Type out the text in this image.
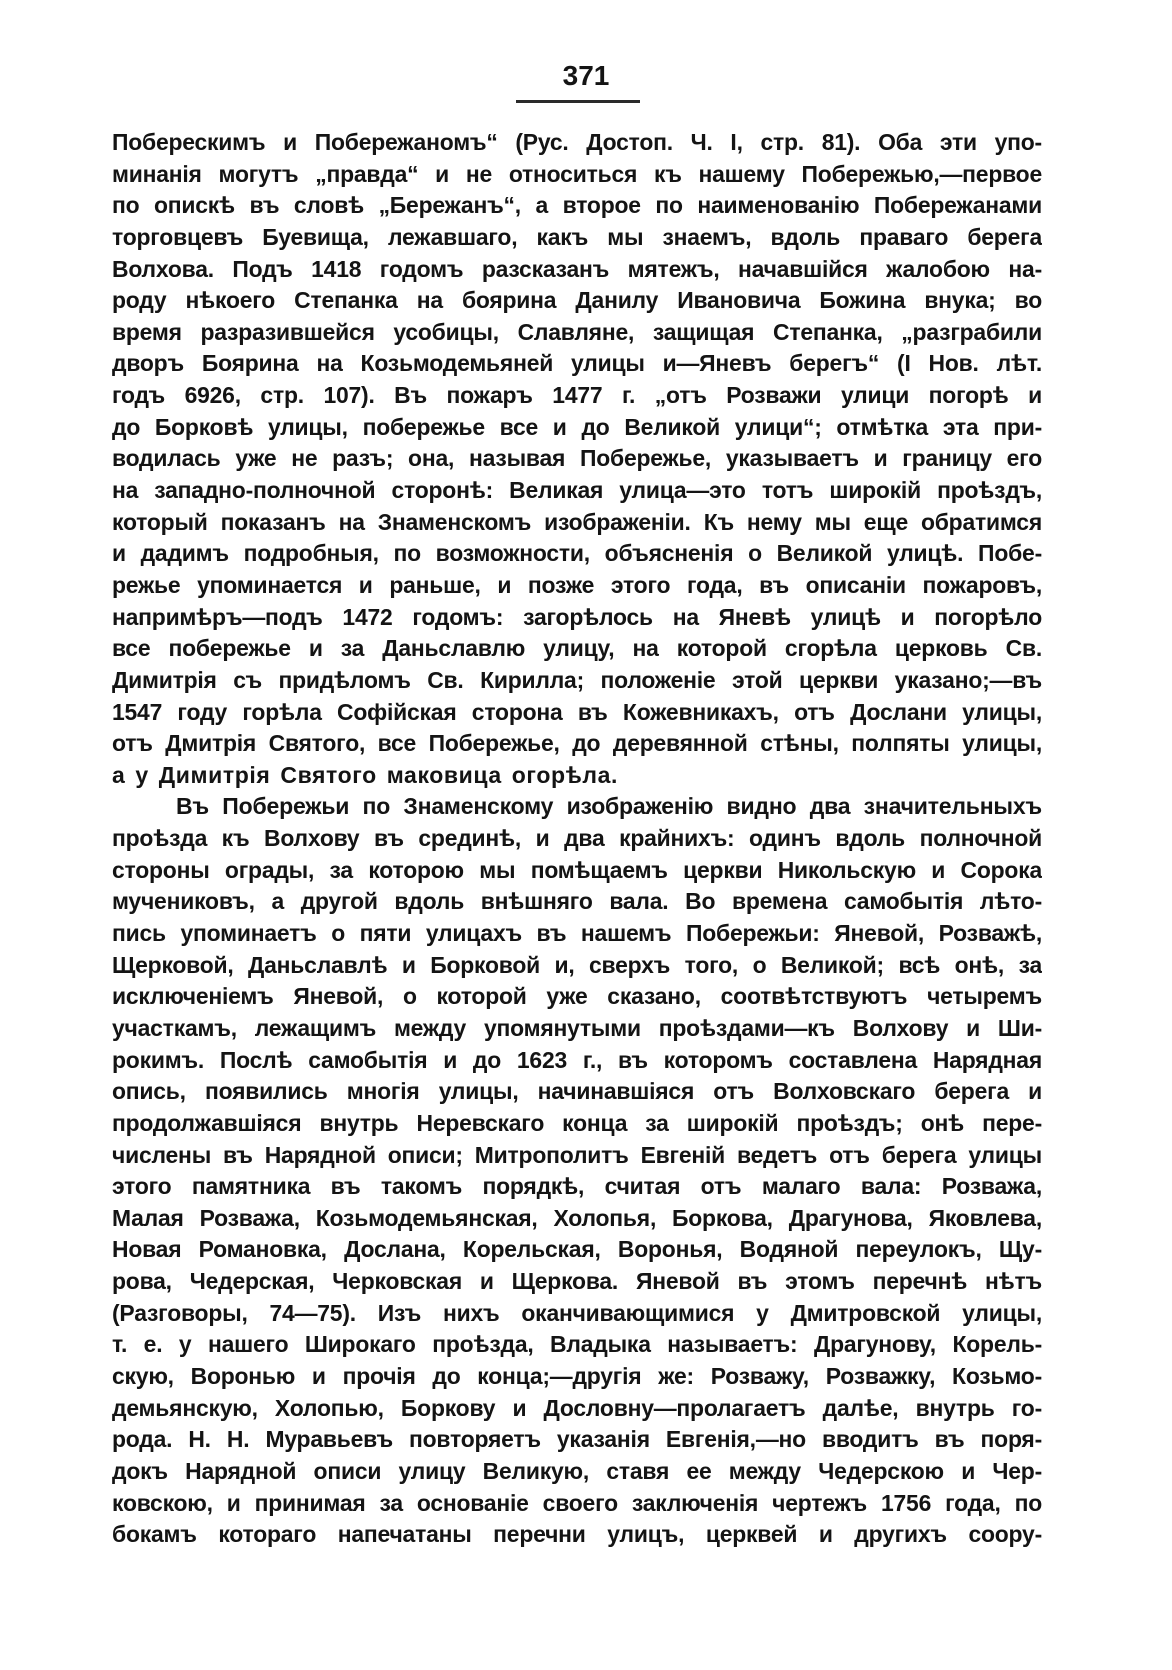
371
Поберескимъ и Побережаномъ“ (Рус. Достоп. Ч. I, стр. 81). Оба эти упо-
минанія могутъ „правда“ и не относиться къ нашему Побережью,—первое
по опискѣ въ словѣ „Бережанъ“, а второе по наименованію Побережанами
торговцевъ Буевища, лежавшаго, какъ мы знаемъ, вдоль праваго берега
Волхова. Подъ 1418 годомъ разсказанъ мятежъ, начавшійся жалобою на-
роду нѣкоего Степанка на боярина Данилу Ивановича Божина внука; во
время разразившейся усобицы, Славляне, защищая Степанка, „разграбили
дворъ Боярина на Козьмодемьяней улицы и—Яневъ берегъ“ (I Нов. лѣт.
годъ 6926, стр. 107). Въ пожаръ 1477 г. „отъ Розважи улици погорѣ и
до Борковѣ улицы, побережье все и до Великой улици“; отмѣтка эта при-
водилась уже не разъ; она, называя Побережье, указываетъ и границу его
на западно-полночной сторонѣ: Великая улица—это тотъ широкій проѣздъ,
который показанъ на Знаменскомъ изображеніи. Къ нему мы еще обратимся
и дадимъ подробныя, по возможности, объясненія о Великой улицѣ. Побе-
режье упоминается и раньше, и позже этого года, въ описаніи пожаровъ,
напримѣръ—подъ 1472 годомъ: загорѣлось на Яневѣ улицѣ и погорѣло
все побережье и за Даньславлю улицу, на которой сгорѣла церковь Св.
Димитрія съ придѣломъ Св. Кирилла; положеніе этой церкви указано;—въ
1547 году горѣла Софійская сторона въ Кожевникахъ, отъ Дослани улицы,
отъ Дмитрія Святого, все Побережье, до деревянной стѣны, полпяты улицы,
а у Димитрія Святого маковица огорѣла.
Въ Побережьи по Знаменскому изображенію видно два значительныхъ
проѣзда къ Волхову въ срединѣ, и два крайнихъ: одинъ вдоль полночной
стороны ограды, за которою мы помѣщаемъ церкви Никольскую и Сорока
мучениковъ, а другой вдоль внѣшняго вала. Во времена самобытія лѣто-
пись упоминаетъ о пяти улицахъ въ нашемъ Побережьи: Яневой, Розважѣ,
Щерковой, Даньславлѣ и Борковой и, сверхъ того, о Великой; всѣ онѣ, за
исключеніемъ Яневой, о которой уже сказано, соотвѣтствуютъ четыремъ
участкамъ, лежащимъ между упомянутыми проѣздами—къ Волхову и Ши-
рокимъ. Послѣ самобытія и до 1623 г., въ которомъ составлена Нарядная
опись, появились многія улицы, начинавшіяся отъ Волховскаго берега и
продолжавшіяся внутрь Неревскаго конца за широкій проѣздъ; онѣ пере-
числены въ Нарядной описи; Митрополитъ Евгеній ведетъ отъ берега улицы
этого памятника въ такомъ порядкѣ, считая отъ малаго вала: Розважа,
Малая Розважа, Козьмодемьянская, Холопья, Боркова, Драгунова, Яковлева,
Новая Романовка, Дослана, Корельская, Воронья, Водяной переулокъ, Щу-
рова, Чедерская, Черковская и Щеркова. Яневой въ этомъ перечнѣ нѣтъ
(Разговоры, 74—75). Изъ нихъ оканчивающимися у Дмитровской улицы,
т. е. у нашего Широкаго проѣзда, Владыка называетъ: Драгунову, Корель-
скую, Воронью и прочія до конца;—другія же: Розважу, Розважку, Козьмо-
демьянскую, Холопью, Боркову и Дословну—пролагаетъ далѣе, внутрь го-
рода. Н. Н. Муравьевъ повторяетъ указанія Евгенія,—но вводитъ въ поря-
докъ Нарядной описи улицу Великую, ставя ее между Чедерскою и Чер-
ковскою, и принимая за основаніе своего заключенія чертежъ 1756 года, по
бокамъ котораго напечатаны перечни улицъ, церквей и другихъ соору-
